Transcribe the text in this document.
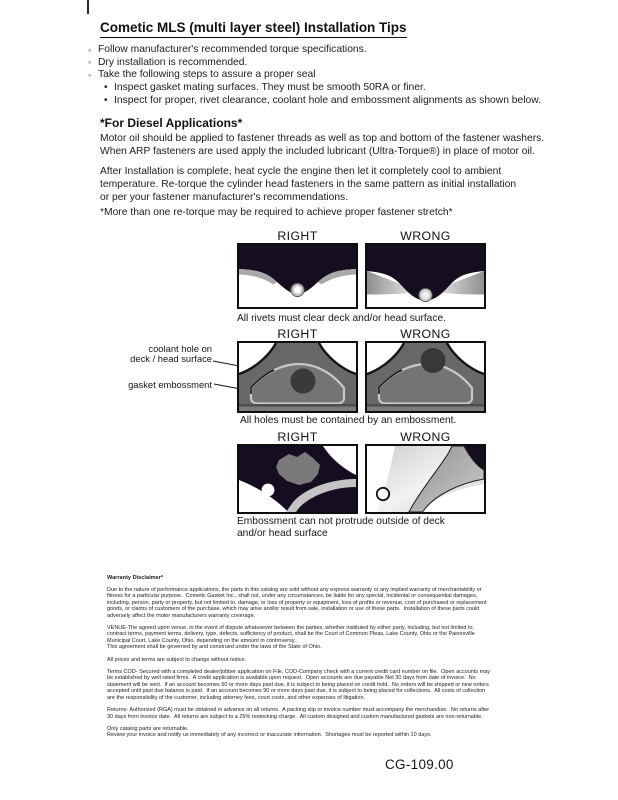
Cometic MLS (multi layer steel) Installation Tips
◦ Follow manufacturer's recommended torque specifications.
◦ Dry installation is recommended.
◦ Take the following steps to assure a proper seal
• Inspect gasket mating surfaces. They must be smooth 50RA or finer.
• Inspect for proper, rivet clearance, coolant hole and embossment alignments as shown below.
*For Diesel Applications*
Motor oil should be applied to fastener threads as well as top and bottom of the fastener washers.
When ARP fasteners are used apply the included lubricant (Ultra-Torque®) in place of motor oil.
After Installation is complete, heat cycle the engine then let it completely cool to ambient
temperature. Re-torque the cylinder head fasteners in the same pattern as initial installation
or per your fastener manufacturer's recommendations.
*More than one re-torque may be required to achieve proper fastener stretch*
RIGHT	WRONG
All rivets must clear deck and/or head surface.
coolant hole on
deck / head surface
gasket embossment
RIGHT	WRONG
All holes must be contained by an embossment.
RIGHT	WRONG
Embossment can not protrude outside of deck
and/or head surface
Warranty Disclaimer*
Due to the nature of performance applications, the parts in this catalog are sold without any express warranty or any implied warranty of merchantability or
fitness for a particular purpose.  Cometic Gasket Inc., shall not, under any circumstances, be liable for any special, incidental or consequential damages,
including, person, party or property, but not limited to, damage, or loss of property or equipment, loss of profits or revenue, cost of purchased or replacement
goods, or claims of customers of the purchase, which may arise and/or result from sale, installation or use of these parts.  Installation of these parts could
adversely affect the motor manufacturers warranty coverage.
VENUE-The agreed upon venue, in the event of dispute whatsoever between the parties, whether instituted by either party, including, but not limited to,
contract terms, payment terms, delivery, type, defects, sufficiency of product, shall be the Court of Common Pleas, Lake County, Ohio or the Painesville
Municipal Court, Lake County, Ohio, depending on the amount in controversy.
This agreement shall be governed by and construed under the laws of the State of Ohio.
All prices and terms are subject to change without notice.
Terms COD- Secured with a completed dealer/jobber application on File, COD-Company check with a current credit card number on file.  Open accounts may
be established by well rated firms.  A credit application is available upon request.  Open accounts are due payable Net 30 days from date of invoice.  No
statement will be sent.  If an account becomes 60 or more days past due, it is subject to being placed on credit hold.  No orders will be shipped or new orders
accepted until past due balance is paid.  If an account becomes 90 or more days past due, it is subject to being placed for collections.  All costs of collection
are the responsibility of the customer, including attorney fees, court costs, and other expenses of litigation.
Returns- Authorized (RGA) must be obtained in advance on all returns.  A packing slip or invoice number must accompany the merchandise.  No returns after
30 days from invoice date.  All returns are subject to a 25% restocking charge.  All custom designed and custom manufactured gaskets are non-returnable.
Only catalog parts are returnable.
Review your invoice and notify us immediately of any incorrect or inaccurate information.  Shortages must be reported within 10 days.
CG-109.00
